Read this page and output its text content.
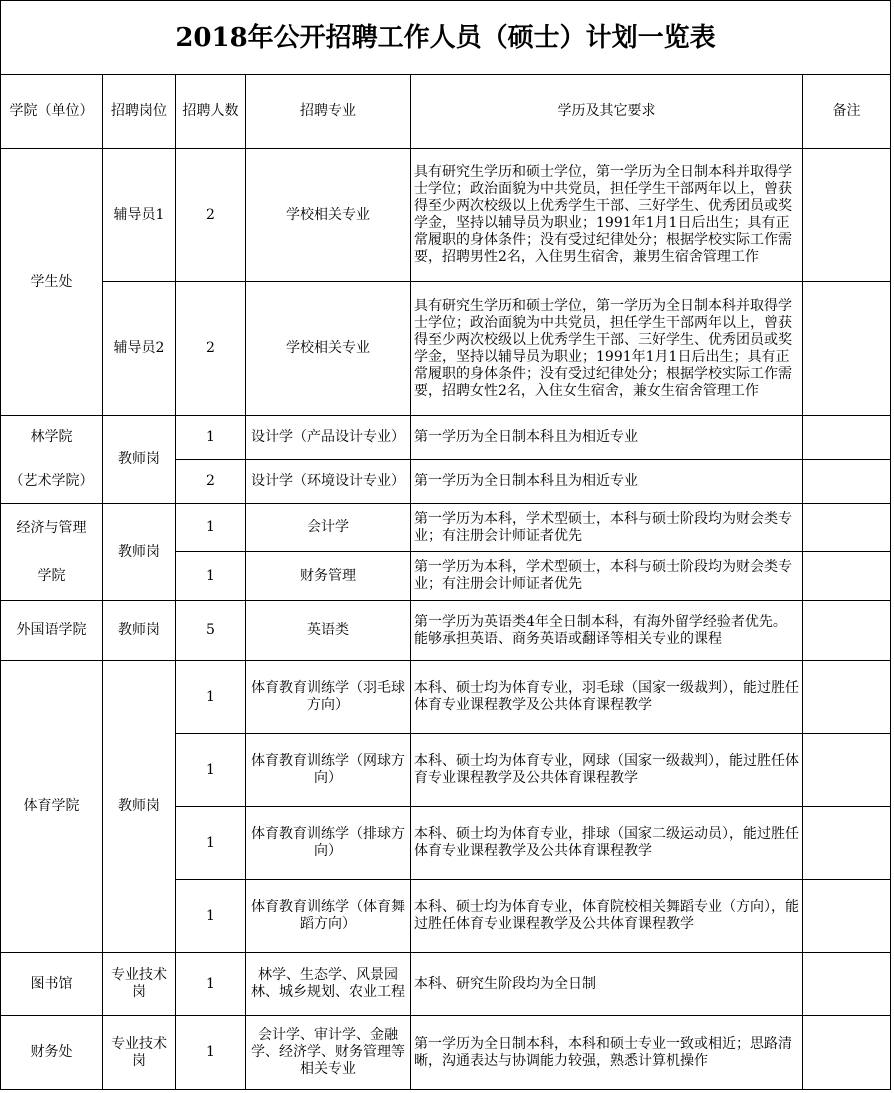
2018年公开招聘工作人员（硕士）计划一览表					
学院（单位）	招聘岗位	招聘人数	招聘专业	学历及其它要求	备注
学生处	辅导员1	2	学校相关专业	具有研究生学历和硕士学位，第一学历为全日制本科并取得学士学位；政治面貌为中共党员，担任学生干部两年以上，曾获得至少两次校级以上优秀学生干部、三好学生、优秀团员或奖学金，坚持以辅导员为职业；1991年1月1日后出生；具有正常履职的身体条件；没有受过纪律处分；根据学校实际工作需要，招聘男性2名，入住男生宿舍，兼男生宿舍管理工作	
	辅导员2	2	学校相关专业	具有研究生学历和硕士学位，第一学历为全日制本科并取得学士学位；政治面貌为中共党员，担任学生干部两年以上，曾获得至少两次校级以上优秀学生干部、三好学生、优秀团员或奖学金，坚持以辅导员为职业；1991年1月1日后出生；具有正常履职的身体条件；没有受过纪律处分；根据学校实际工作需要，招聘女性2名，入住女生宿舍，兼女生宿舍管理工作	

林学院
（艺术学院）	教师岗	1	设计学（产品设计专业）	第一学历为全日制本科且为相近专业	
		2	设计学（环境设计专业）	第一学历为全日制本科且为相近专业	

经济与管理
学院	教师岗	1	会计学	第一学历为本科，学术型硕士，本科与硕士阶段均为财会类专业；有注册会计师证者优先	
		1	财务管理	第一学历为本科，学术型硕士，本科与硕士阶段均为财会类专业；有注册会计师证者优先	
外国语学院	教师岗	5	英语类	第一学历为英语类4年全日制本科，有海外留学经验者优先。能够承担英语、商务英语或翻译等相关专业的课程	
体育学院	教师岗	1	体育教育训练学（羽毛球方向）	本科、硕士均为体育专业，羽毛球（国家一级裁判），能过胜任体育专业课程教学及公共体育课程教学	
		1	体育教育训练学（网球方向）	本科、硕士均为体育专业，网球（国家一级裁判），能过胜任体育专业课程教学及公共体育课程教学	
		1	体育教育训练学（排球方向）	本科、硕士均为体育专业，排球（国家二级运动员），能过胜任体育专业课程教学及公共体育课程教学	
		1	体育教育训练学（体育舞蹈方向）	本科、硕士均为体育专业，体育院校相关舞蹈专业（方向），能过胜任体育专业课程教学及公共体育课程教学	
图书馆	专业技术岗	1	林学、生态学、风景园林、城乡规划、农业工程	本科、研究生阶段均为全日制	
财务处	专业技术岗	1	会计学、审计学、金融学、经济学、财务管理等相关专业	第一学历为全日制本科，本科和硕士专业一致或相近；思路清晰，沟通表达与协调能力较强，熟悉计算机操作	
